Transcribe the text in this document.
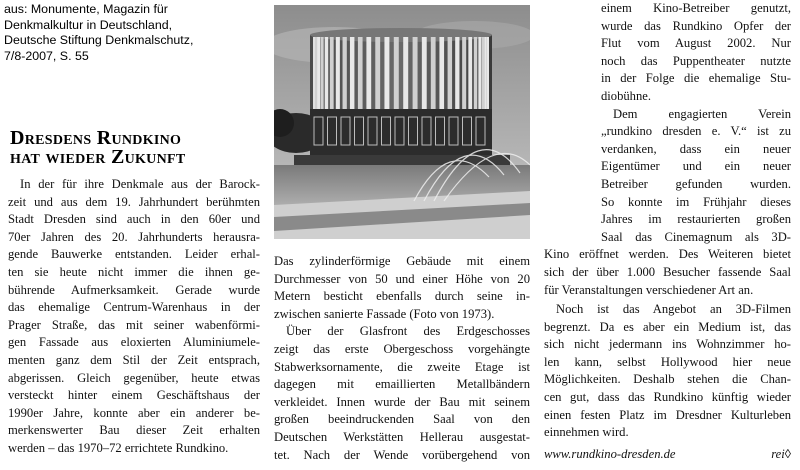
aus: Monumente, Magazin für
Denkmalkultur in Deutschland,
Deutsche Stiftung Denkmalschutz,
7/8-2007, S. 55
Dresdens Rundkino
hat wieder Zukunft
In der für ihre Denkmale aus der Barock-
zeit und aus dem 19. Jahrhundert berühmten
Stadt Dresden sind auch in den 60er und
70er Jahren des 20. Jahrhunderts herausra-
gende Bauwerke entstanden. Leider erhal-
ten sie heute nicht immer die ihnen ge-
bührende Aufmerksamkeit. Gerade wurde
das ehemalige Centrum-Warenhaus in der
Prager Straße, das mit seiner wabenförmi-
gen Fassade aus eloxierten Aluminiumele-
menten ganz dem Stil der Zeit entsprach,
abgerissen. Gleich gegenüber, heute etwas
versteckt hinter einem Geschäftshaus der
1990er Jahre, konnte aber ein anderer be-
merkenswerter Bau dieser Zeit erhalten
werden – das 1970–72 errichtete Rundkino.
Das zylinderförmige Gebäude mit einem
Durchmesser von 50 und einer Höhe von 20
Metern besticht ebenfalls durch seine in-
zwischen sanierte Fassade (Foto von 1973).
Über der Glasfront des Erdgeschosses
zeigt das erste Obergeschoss vorgehängte
Stabwerksornamente, die zweite Etage ist
dagegen mit emaillierten Metallbändern
verkleidet. Innen wurde der Bau mit seinem
großen beeindruckenden Saal von den
Deutschen Werkstätten Hellerau ausgestat-
tet. Nach der Wende vorübergehend von
einem Kino-Betreiber genutzt,
wurde das Rundkino Opfer der
Flut vom August 2002. Nur
noch das Puppentheater nutzte
in der Folge die ehemalige Stu-
diobühne.
Dem engagierten Verein
„rundkino dresden e. V.“ ist zu
verdanken, dass ein neuer
Eigentümer und ein neuer
Betreiber gefunden wurden.
So konnte im Frühjahr dieses
Jahres im restaurierten großen
Saal das Cinemagnum als 3D-
Kino eröffnet werden. Des Weiteren bietet
sich der über 1.000 Besucher fassende Saal
für Veranstaltungen verschiedener Art an.
Noch ist das Angebot an 3D-Filmen
begrenzt. Da es aber ein Medium ist, das
sich nicht jedermann ins Wohnzimmer ho-
len kann, selbst Hollywood hier neue
Möglichkeiten. Deshalb stehen die Chan-
cen gut, dass das Rundkino künftig wieder
einen festen Platz im Dresdner Kulturleben
einnehmen wird.
www.rundkino-dresden.de	rei◊
